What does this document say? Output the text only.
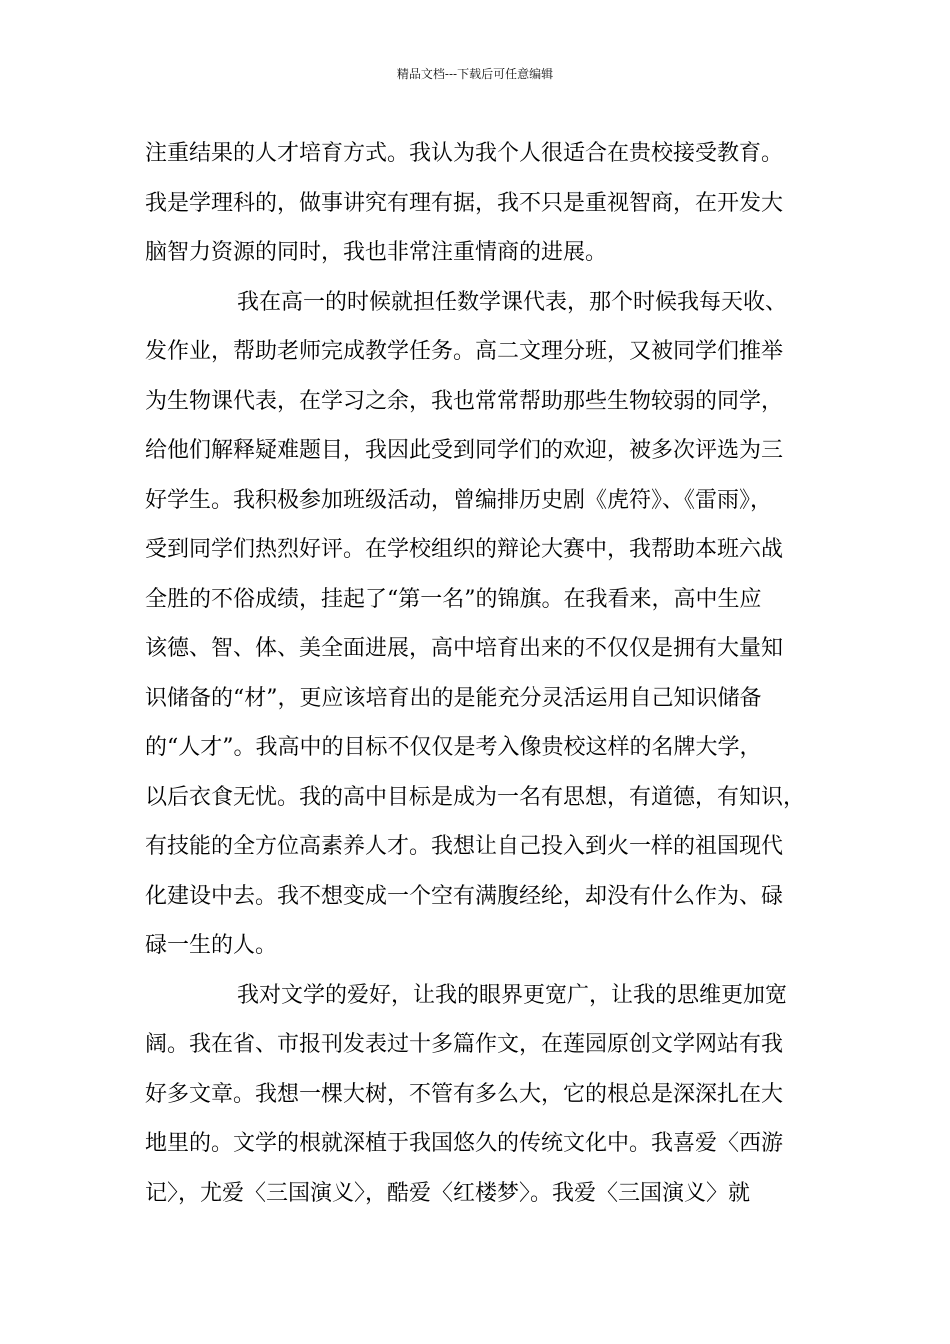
精品文档---下载后可任意编辑
注重结果的人才培育方式。我认为我个人很适合在贵校接受教育。
我是学理科的，做事讲究有理有据，我不只是重视智商，在开发大
脑智力资源的同时，我也非常注重情商的进展。
我在高一的时候就担任数学课代表，那个时候我每天收、
发作业，帮助老师完成教学任务。高二文理分班，又被同学们推举
为生物课代表，在学习之余，我也常常帮助那些生物较弱的同学，
给他们解释疑难题目，我因此受到同学们的欢迎，被多次评选为三
好学生。我积极参加班级活动，曾编排历史剧《虎符》、《雷雨》，
受到同学们热烈好评。在学校组织的辩论大赛中，我帮助本班六战
全胜的不俗成绩，挂起了“第一名”的锦旗。在我看来，高中生应
该德、智、体、美全面进展，高中培育出来的不仅仅是拥有大量知
识储备的“材”，更应该培育出的是能充分灵活运用自己知识储备
的“人才”。我高中的目标不仅仅是考入像贵校这样的名牌大学，
以后衣食无忧。我的高中目标是成为一名有思想，有道德，有知识，
有技能的全方位高素养人才。我想让自己投入到火一样的祖国现代
化建设中去。我不想变成一个空有满腹经纶，却没有什么作为、碌
碌一生的人。
我对文学的爱好，让我的眼界更宽广，让我的思维更加宽
阔。我在省、市报刊发表过十多篇作文，在莲园原创文学网站有我
好多文章。我想一棵大树，不管有多么大，它的根总是深深扎在大
地里的。文学的根就深植于我国悠久的传统文化中。我喜爱〈西游
记〉，尤爱〈三国演义〉，酷爱〈红楼梦〉。我爱〈三国演义〉就
